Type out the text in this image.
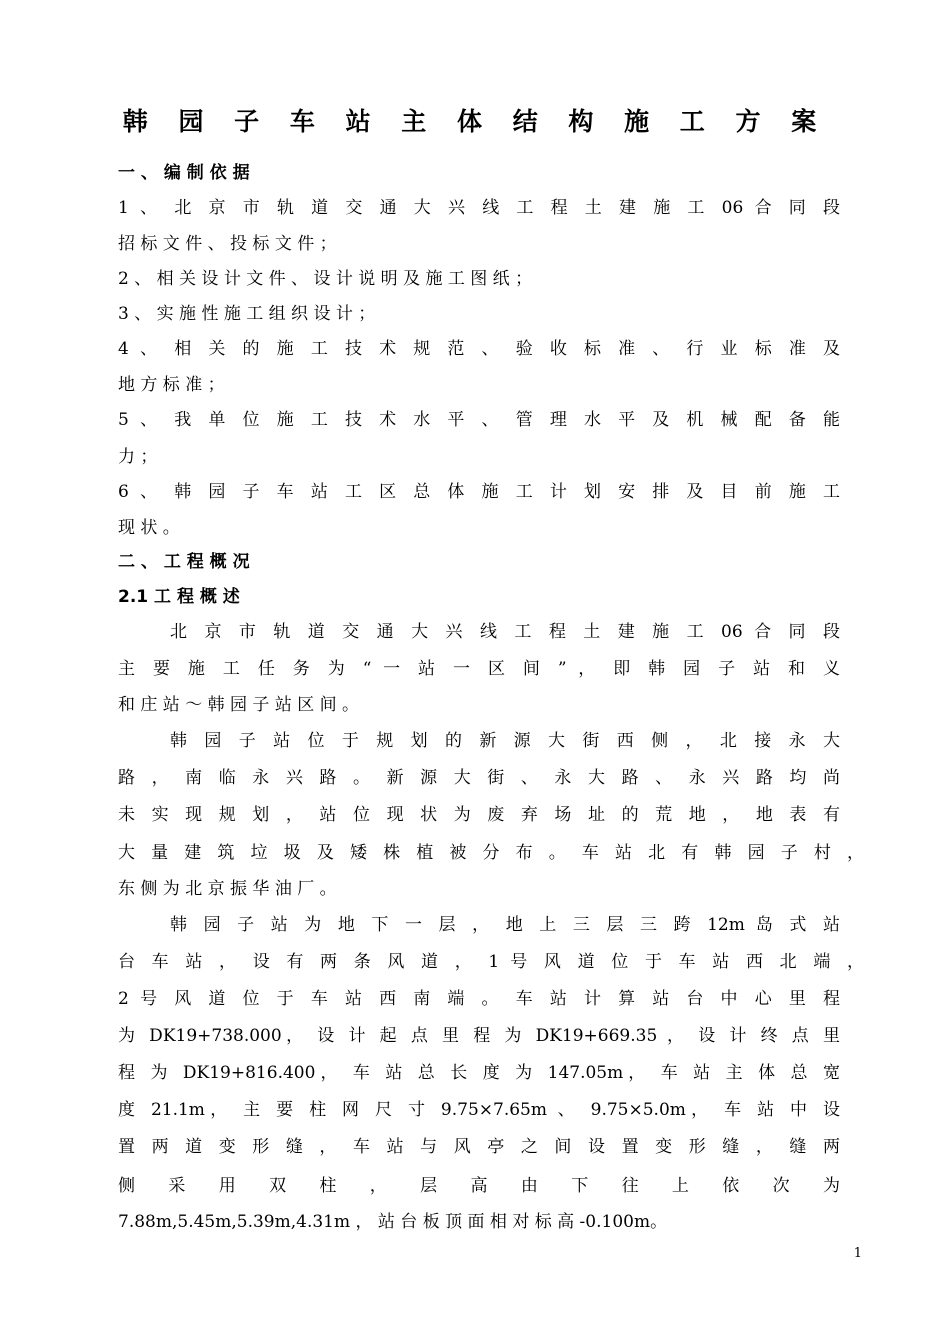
韩 园 子 车 站 主 体 结 构 施 工 方 案
一 、 编 制 依 据
1 、 北 京 市 轨 道 交 通 大 兴 线 工 程 土 建 施 工 06 合 同 段
招 标 文 件 、 投 标 文 件 ；
2 、 相 关 设 计 文 件 、 设 计 说 明 及 施 工 图 纸 ；
3 、 实 施 性 施 工 组 织 设 计 ；
4 、 相 关 的 施 工 技 术 规 范 、 验 收 标 准 、 行 业 标 准 及
地 方 标 准 ；
5 、 我 单 位 施 工 技 术 水 平 、 管 理 水 平 及 机 械 配 备 能
力 ；
6 、 韩 园 子 车 站 工 区 总 体 施 工 计 划 安 排 及 目 前 施 工
现 状 。
二 、 工 程 概 况
2.1 工 程 概 述
北 京 市 轨 道 交 通 大 兴 线 工 程 土 建 施 工 06 合 同 段
主 要 施 工 任 务 为 “ 一 站 一 区 间 ” ， 即 韩 园 子 站 和 义
和 庄 站 ～ 韩 园 子 站 区 间 。
韩 园 子 站 位 于 规 划 的 新 源 大 街 西 侧 ， 北 接 永 大
路 ， 南 临 永 兴 路 。 新 源 大 街 、 永 大 路 、 永 兴 路 均 尚
未 实 现 规 划 ， 站 位 现 状 为 废 弃 场 址 的 荒 地 ， 地 表 有
大 量 建 筑 垃 圾 及 矮 株 植 被 分 布 。 车 站 北 有 韩 园 子 村 ，
东 侧 为 北 京 振 华 油 厂 。
韩 园 子 站 为 地 下 一 层 ， 地 上 三 层 三 跨 12m 岛 式 站
台 车 站 ， 设 有 两 条 风 道 ， 1 号 风 道 位 于 车 站 西 北 端 ，
2 号 风 道 位 于 车 站 西 南 端 。 车 站 计 算 站 台 中 心 里 程
为 DK19+738.000， 设 计 起 点 里 程 为 DK19+669.35 ， 设 计 终 点 里
程 为 DK19+816.400， 车 站 总 长 度 为 147.05m， 车 站 主 体 总 宽
度 21.1m， 主 要 柱 网 尺 寸 9.75×7.65m 、 9.75×5.0m， 车 站 中 设
置 两 道 变 形 缝 ， 车 站 与 风 亭 之 间 设 置 变 形 缝 ， 缝 两
侧 采 用 双 柱 ， 层 高 由 下 往 上 依 次 为
7.88m,5.45m,5.39m,4.31m ， 站 台 板 顶 面 相 对 标 高 -0.100m。
1
